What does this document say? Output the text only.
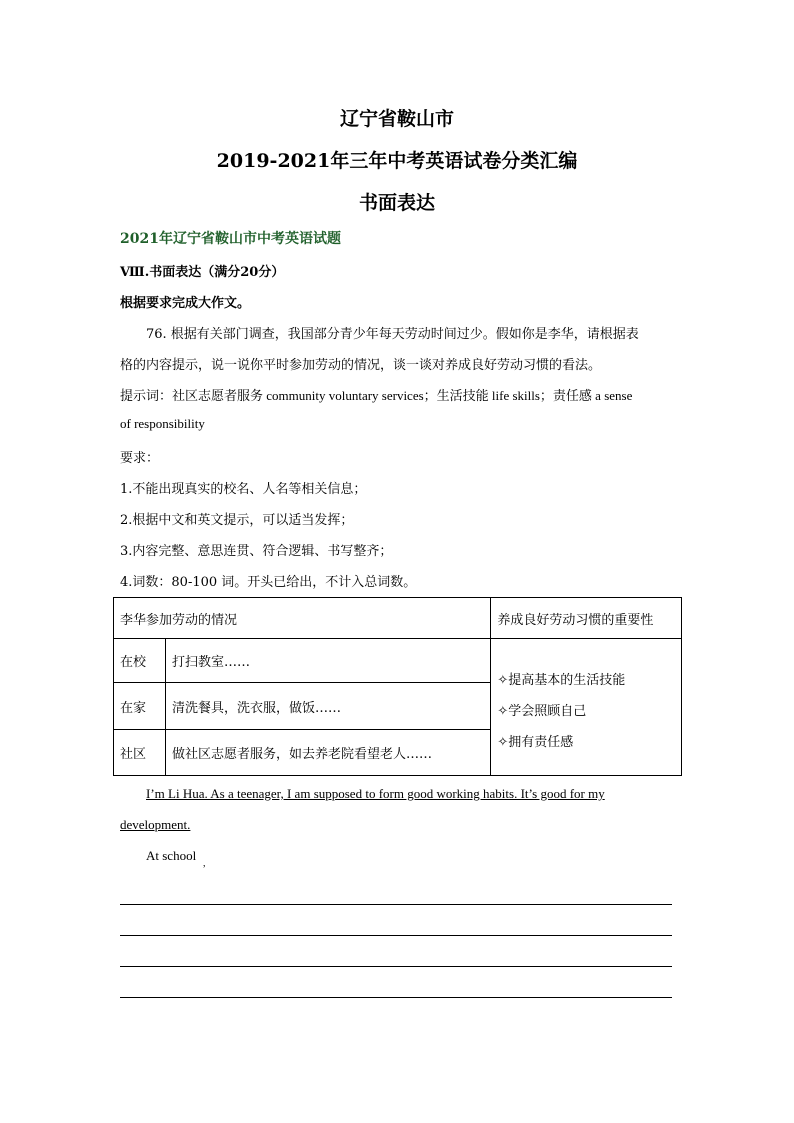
辽宁省鞍山市
2019-2021年三年中考英语试卷分类汇编
书面表达
2021年辽宁省鞍山市中考英语试题
Ⅷ.书面表达（满分20分）
根据要求完成大作文。
76. 根据有关部门调查，我国部分青少年每天劳动时间过少。假如你是李华，请根据表
格的内容提示，说一说你平时参加劳动的情况，谈一谈对养成良好劳动习惯的看法。
提示词：社区志愿者服务 community voluntary services；生活技能 life skills；责任感 a sense
of responsibility
要求：
1.不能出现真实的校名、人名等相关信息；
2.根据中文和英文提示，可以适当发挥；
3.内容完整、意思连贯、符合逻辑、书写整齐；
4.词数：80-100 词。开头已给出，不计入总词数。
李华参加劳动的情况		养成良好劳动习惯的重要性
在校	打扫教室……	✧提高基本的生活技能
✧学会照顾自己
✧拥有责任感

在家	清洗餐具，洗衣服，做饭……	
社区	做社区志愿者服务，如去养老院看望老人……	
I’m Li Hua. As a teenager, I am supposed to form good working habits. It’s good for my
development.
At school
,
